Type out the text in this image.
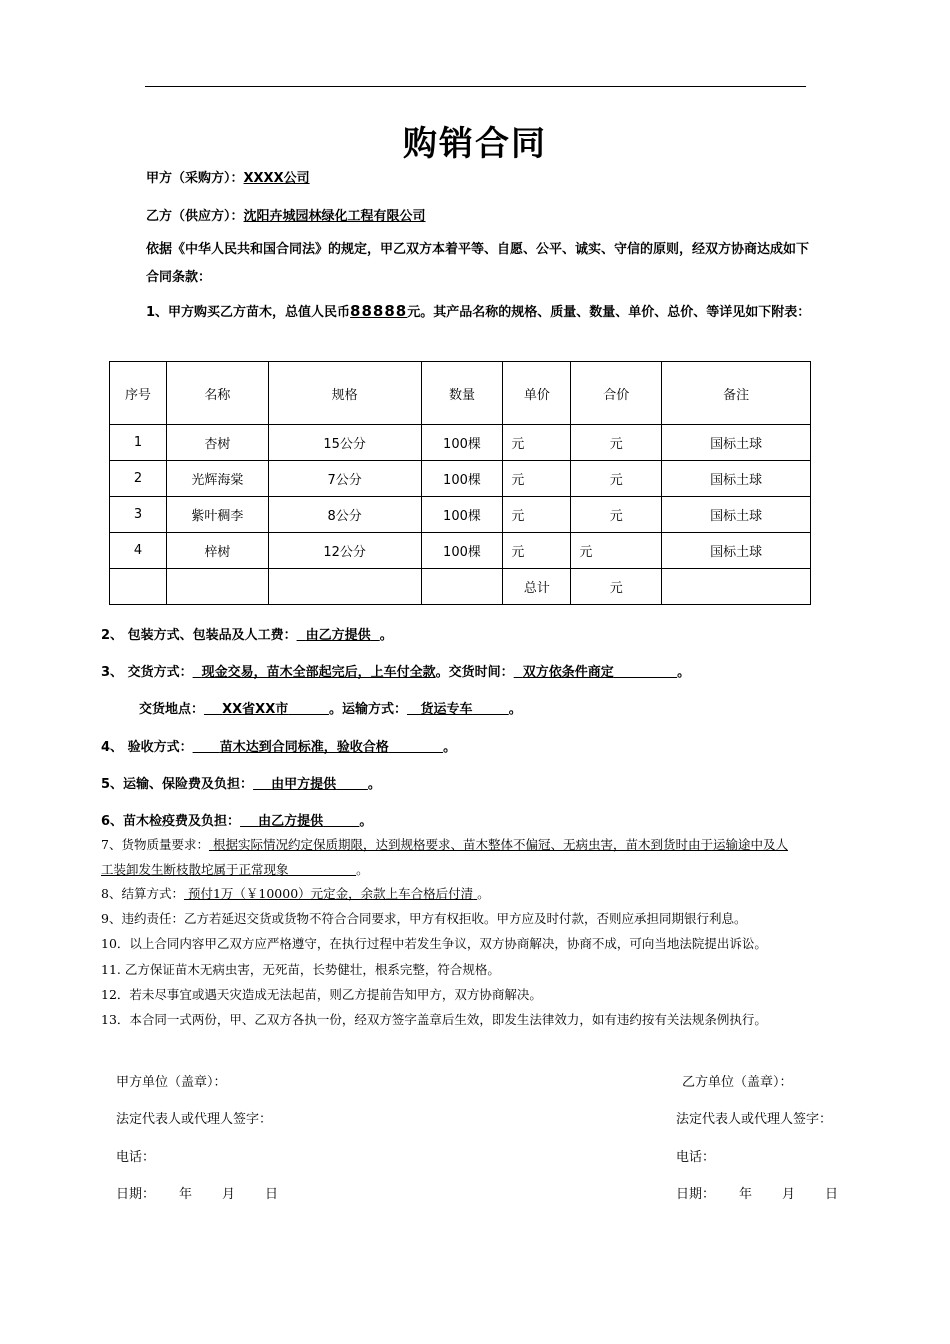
购销合同
甲方（采购方）：XXXX公司
乙方（供应方）：沈阳卉城园林绿化工程有限公司
依据《中华人民共和国合同法》的规定，甲乙双方本着平等、自愿、公平、诚实、守信的原则，经双方协商达成如下合同条款：
1、甲方购买乙方苗木，总值人民币88888元。其产品名称的规格、质量、数量、单价、总价、等详见如下附表：
序号	名称	规格	数量	单价	合价	备注
1	杏树	15公分	100棵	元	元	国标土球
2	光辉海棠	7公分	100棵	元	元	国标土球
3	紫叶稠李	8公分	100棵	元	元	国标土球
4	梓树	12公分	100棵	元	元	国标土球
				总计	元	
2、 包装方式、包装品及人工费： 由乙方提供 。
3、 交货方式： 现金交易，苗木全部起完后，上车付全款。交货时间： 双方依条件商定	。
交货地点： XX省XX市	。运输方式： 货运专车	。
4、 验收方式： 苗木达到合同标准，验收合格	。
5、运输、保险费及负担： 由甲方提供 。
6、苗木检疫费及负担： 由乙方提供	。
7、货物质量要求： 根据实际情况约定保质期限，达到规格要求、苗木整体不偏冠、无病虫害，苗木到货时由于运输途中及人
工装卸发生断枝散坨属于正常现象	。
8、结算方式： 预付1万（￥10000）元定金，余款上车合格后付清 。
9、违约责任：乙方若延迟交货或货物不符合合同要求，甲方有权拒收。甲方应及时付款，否则应承担同期银行利息。
10．以上合同内容甲乙双方应严格遵守，在执行过程中若发生争议，双方协商解决，协商不成，可向当地法院提出诉讼。
11. 乙方保证苗木无病虫害，无死苗，长势健壮，根系完整，符合规格。
12．若未尽事宜或遇天灾造成无法起苗，则乙方提前告知甲方，双方协商解决。
13．本合同一式两份，甲、乙双方各执一份，经双方签字盖章后生效，即发生法律效力，如有违约按有关法规条例执行。
甲方单位（盖章）：
法定代表人或代理人签字：
电话：
日期： 年 月 日
乙方单位（盖章）：
法定代表人或代理人签字：
电话：
日期： 年 月 日
